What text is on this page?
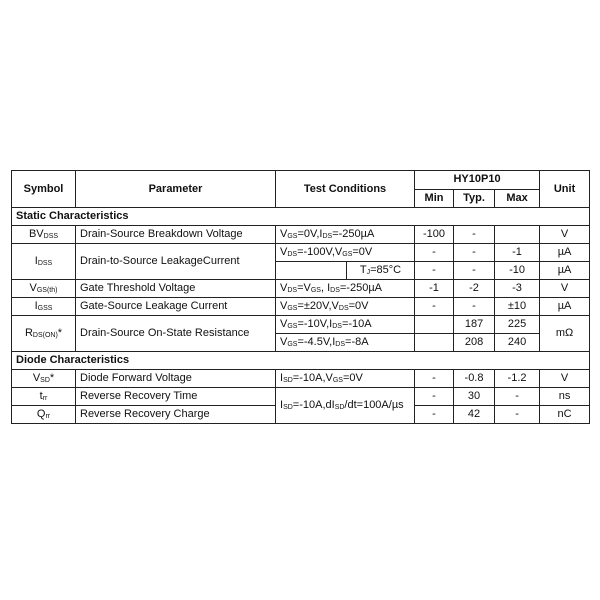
Symbol	Parameter	Test Conditions		HY10P10			Unit
				Min	Typ.	Max	
Static Characteristics							
$BV_{DSS}$	Drain-Source Breakdown Voltage	$V_{GS}=0V,I_{DS}=-250\mu A$		-100	-		V
$I_{DSS}$	Drain-to-Source LeakageCurrent	$V_{DS}=-100V,V_{GS}=0V$		-	-	-1	µA
			$T_J=85^\circ C$	-	-	-10	µA
$V_{GS(th)}$	Gate Threshold Voltage	$V_{DS}=V_{GS}$, $I_{DS}=-250\mu A$		-1	-2	-3	V
$I_{GSS}$	Gate-Source Leakage Current	$V_{GS}=\pm 20V,V_{DS}=0V$		-	-	±10	µA
$R_{DS(ON)}*$	Drain-Source On-State Resistance	$V_{GS}=-10V,I_{DS}=-10A$			187	225	mΩ
		$V_{GS}=-4.5V,I_{DS}=-8A$			208	240	
Diode Characteristics							
$V_{SD}*$	Diode Forward Voltage	$I_{SD}=-10A,V_{GS}=0V$		-	-0.8	-1.2	V
$t_{rr}$	Reverse Recovery Time	$I_{SD}=-10A,dI_{SD}/dt=100A/\mu s$		-	30	-	ns
$Q_{rr}$	Reverse Recovery Charge			-	42	-	nC
